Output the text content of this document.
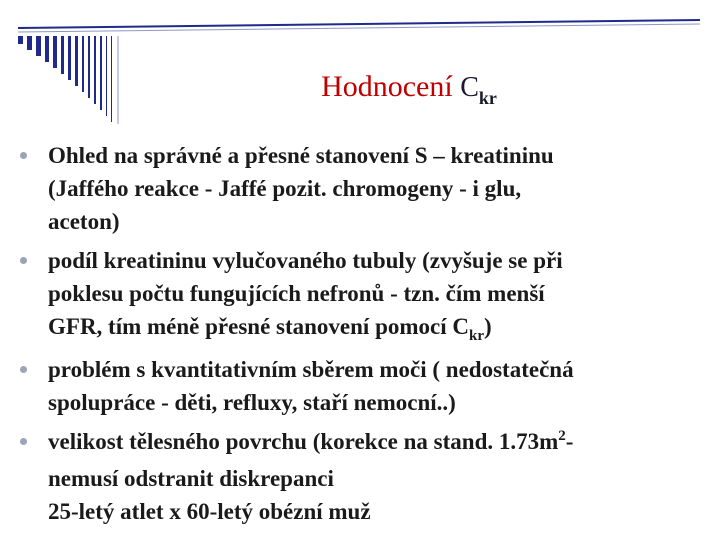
Hodnocení $C_{kr}$
Ohled na správné a přesné stanovení S – kreatininu
(Jaffého reakce - Jaffé pozit. chromogeny - i glu,
aceton)
podíl kreatininu vylučovaného tubuly (zvyšuje se při
poklesu počtu fungujících nefronů - tzn. čím menší
GFR, tím méně přesné stanovení pomocí $C_{kr}$)
problém s kvantitativním sběrem moči ( nedostatečná
spolupráce - děti, refluxy, staří nemocní..)
velikost tělesného povrchu (korekce na stand. $1.73m^2-$
nemusí odstranit diskrepanci
25-letý atlet x 60-letý obézní muž
